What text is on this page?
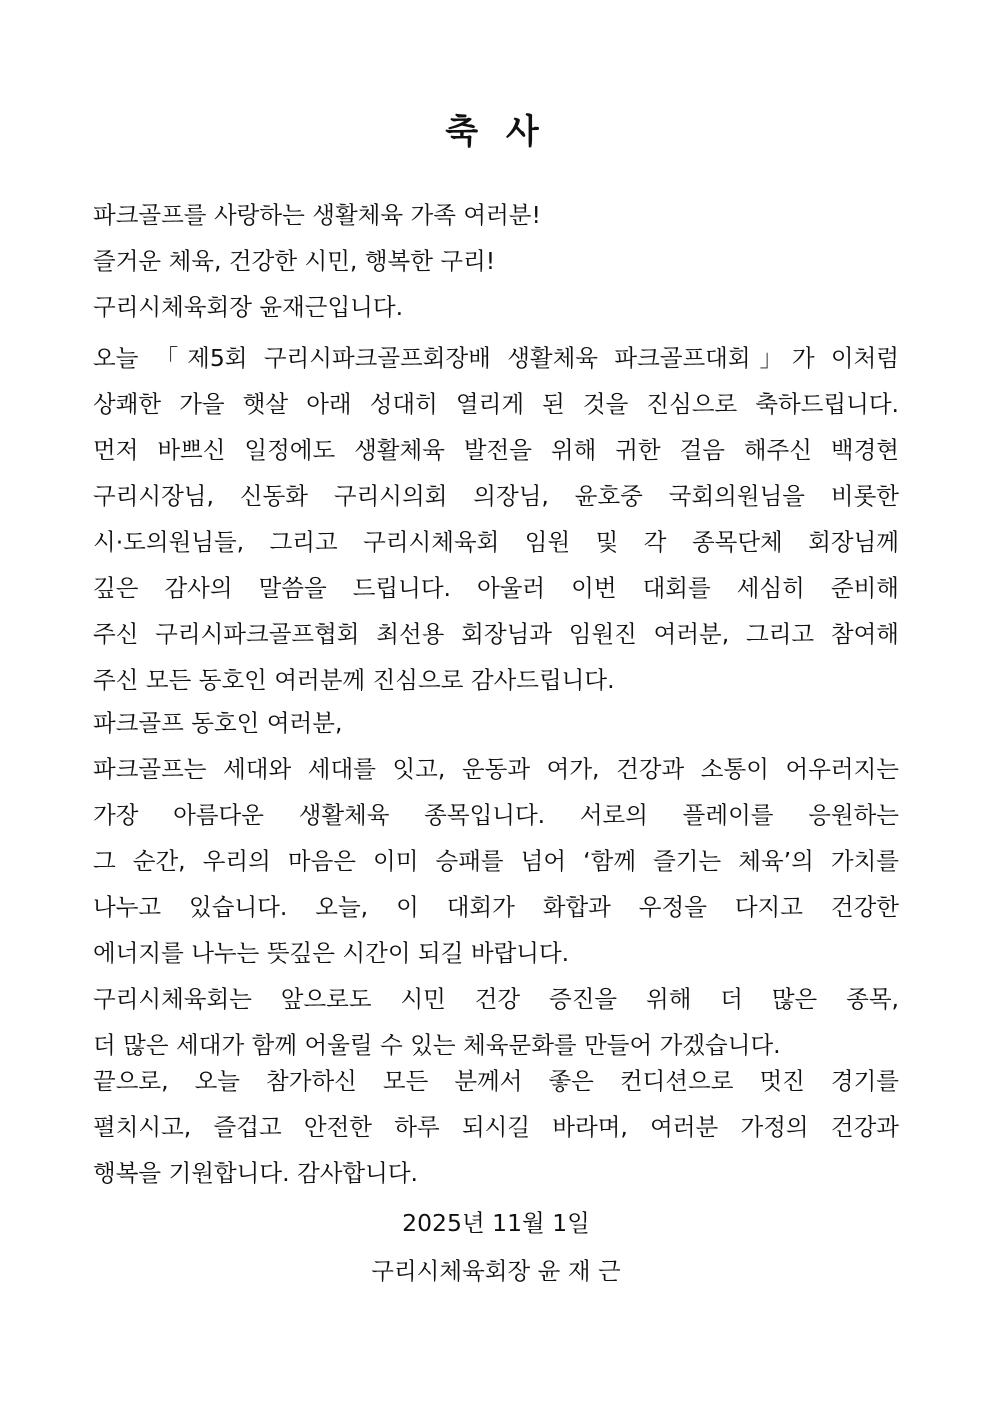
축 사
파크골프를 사랑하는 생활체육 가족 여러분!
즐거운 체육, 건강한 시민, 행복한 구리!
구리시체육회장 윤재근입니다.
오늘 「제5회 구리시파크골프회장배 생활체육 파크골프대회」가 이처럼
상쾌한 가을 햇살 아래 성대히 열리게 된 것을 진심으로 축하드립니다.
먼저 바쁘신 일정에도 생활체육 발전을 위해 귀한 걸음 해주신 백경현
구리시장님, 신동화 구리시의회 의장님, 윤호중 국회의원님을 비롯한
시·도의원님들, 그리고 구리시체육회 임원 및 각 종목단체 회장님께
깊은 감사의 말씀을 드립니다. 아울러 이번 대회를 세심히 준비해
주신 구리시파크골프협회 최선용 회장님과 임원진 여러분, 그리고 참여해
주신 모든 동호인 여러분께 진심으로 감사드립니다.
파크골프 동호인 여러분,
파크골프는 세대와 세대를 잇고, 운동과 여가, 건강과 소통이 어우러지는
가장 아름다운 생활체육 종목입니다. 서로의 플레이를 응원하는
그 순간, 우리의 마음은 이미 승패를 넘어 ‘함께 즐기는 체육’의 가치를
나누고 있습니다. 오늘, 이 대회가 화합과 우정을 다지고 건강한
에너지를 나누는 뜻깊은 시간이 되길 바랍니다.
구리시체육회는 앞으로도 시민 건강 증진을 위해 더 많은 종목,
더 많은 세대가 함께 어울릴 수 있는 체육문화를 만들어 가겠습니다.
끝으로, 오늘 참가하신 모든 분께서 좋은 컨디션으로 멋진 경기를
펼치시고, 즐겁고 안전한 하루 되시길 바라며, 여러분 가정의 건강과
행복을 기원합니다. 감사합니다.
2025년 11월 1일
구리시체육회장 윤 재 근
